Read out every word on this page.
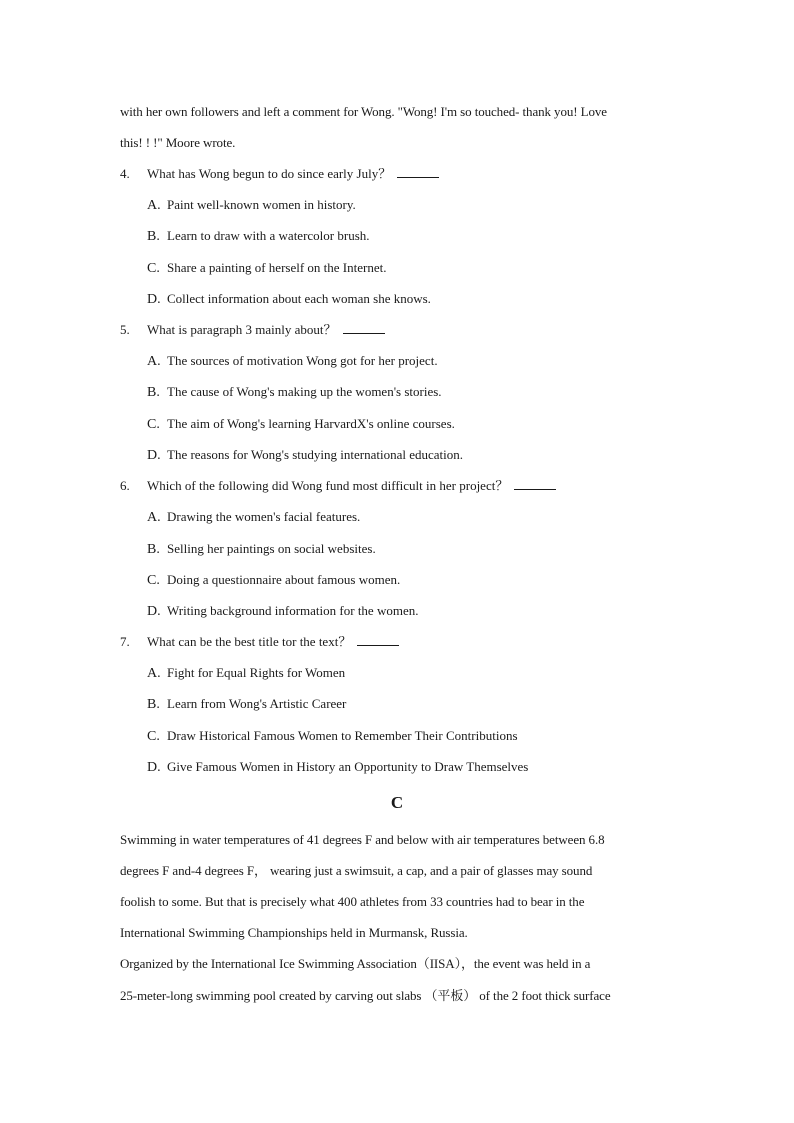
with her own followers and left a comment for Wong. "Wong! I'm so touched- thank you! Love
this! ! !" Moore wrote.
4. What has Wong begun to do since early July？
A. Paint well-known women in history.
B. Learn to draw with a watercolor brush.
C. Share a painting of herself on the Internet.
D. Collect information about each woman she knows.
5. What is paragraph 3 mainly about？
A. The sources of motivation Wong got for her project.
B. The cause of Wong's making up the women's stories.
C. The aim of Wong's learning HarvardX's online courses.
D. The reasons for Wong's studying international education.
6. Which of the following did Wong fund most difficult in her project？
A. Drawing the women's facial features.
B. Selling her paintings on social websites.
C. Doing a questionnaire about famous women.
D. Writing background information for the women.
7. What can be the best title tor the text？
A. Fight for Equal Rights for Women
B. Learn from Wong's Artistic Career
C. Draw Historical Famous Women to Remember Their Contributions
D. Give Famous Women in History an Opportunity to Draw Themselves
C
Swimming in water temperatures of 41 degrees F and below with air temperatures between 6.8
degrees F and-4 degrees F， wearing just a swimsuit, a cap, and a pair of glasses may sound
foolish to some. But that is precisely what 400 athletes from 33 countries had to bear in the
International Swimming Championships held in Murmansk, Russia.
Organized by the International Ice Swimming Association（IISA），the event was held in a
25-meter-long swimming pool created by carving out slabs （平板） of the 2 foot thick surface
